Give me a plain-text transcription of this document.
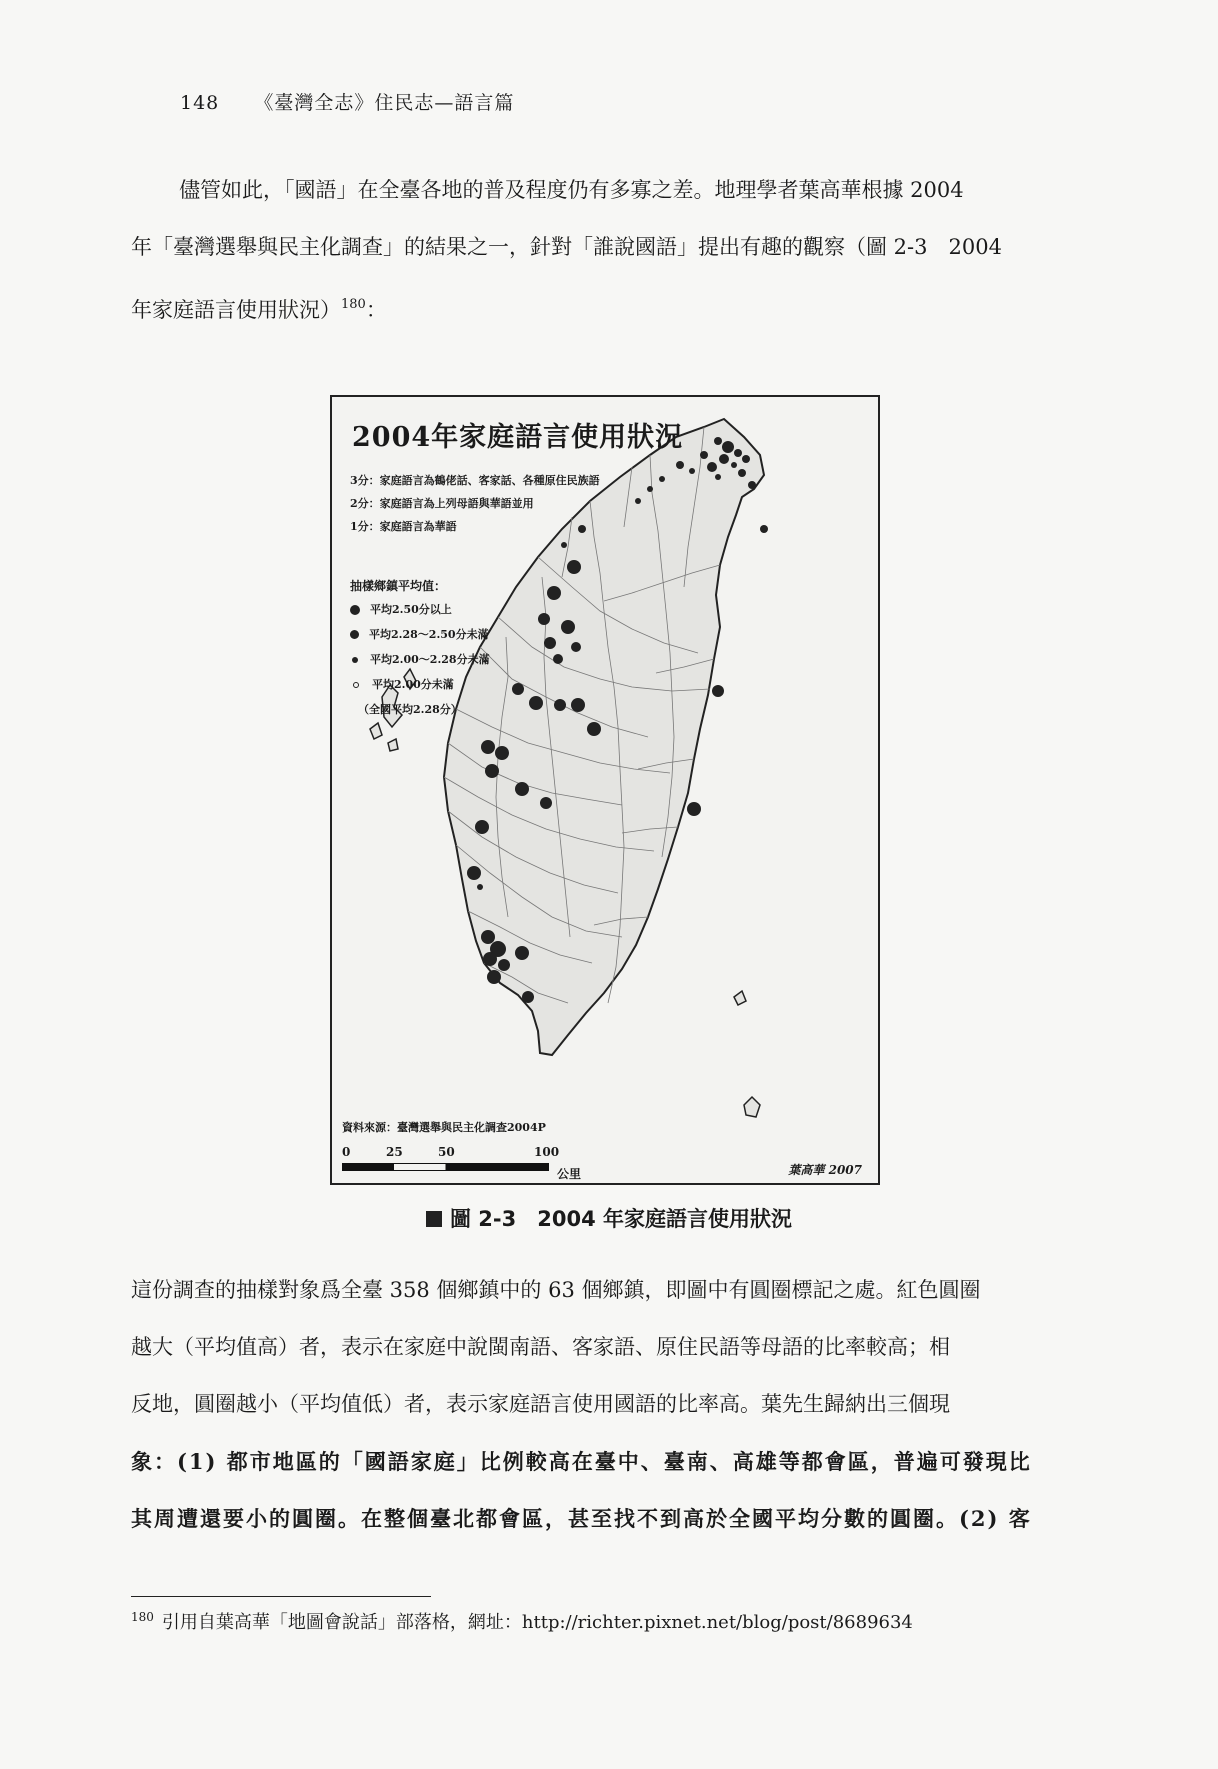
148 《臺灣全志》住民志—語言篇
儘管如此，「國語」在全臺各地的普及程度仍有多寡之差。地理學者葉高華根據 2004
年「臺灣選舉與民主化調查」的結果之一，針對「誰說國語」提出有趣的觀察（圖 2-3　2004
年家庭語言使用狀況）$^{180}$：
2004年家庭語言使用狀況
3分：家庭語言為鶴佬話、客家話、各種原住民族語
2分：家庭語言為上列母語與華語並用
1分：家庭語言為華語
抽樣鄉鎮平均值：
平均2.50分以上
平均2.28～2.50分未滿
平均2.00～2.28分未滿
平均2.00分未滿
（全國平均2.28分）
資料來源：臺灣選舉與民主化調查2004P
0	25	50	100
公里	葉高華 2007
圖 2-3　 2004 年家庭語言使用狀況
這份調查的抽樣對象爲全臺 358 個鄉鎮中的 63 個鄉鎮，即圖中有圓圈標記之處。紅色圓圈
越大（平均值高）者，表示在家庭中說閩南語、客家語、原住民語等母語的比率較高；相
反地，圓圈越小（平均值低）者，表示家庭語言使用國語的比率高。葉先生歸納出三個現
象：(1) 都市地區的「國語家庭」比例較高在臺中、臺南、高雄等都會區，普遍可發現比
其周遭還要小的圓圈。在整個臺北都會區，甚至找不到高於全國平均分數的圓圈。(2) 客
$^{180}$ 引用自葉高華「地圖會說話」部落格，網址：http://richter.pixnet.net/blog/post/8689634
